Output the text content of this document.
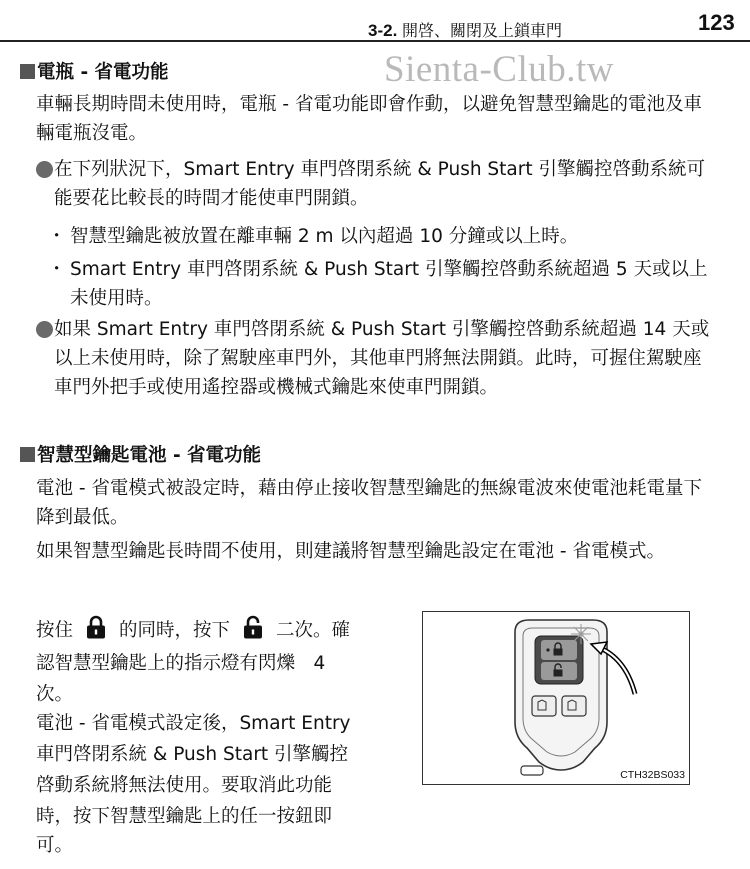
3-2. 開啓、關閉及上鎖車門	123
Sienta-Club.tw
電瓶 - 省電功能
車輛長期時間未使用時，電瓶 - 省電功能即會作動，以避免智慧型鑰匙的電池及車輛電瓶沒電。
在下列狀況下，Smart Entry 車門啓閉系統 & Push Start 引擎觸控啓動系統可能要花比較長的時間才能使車門開鎖。
･ 智慧型鑰匙被放置在離車輛 2 m 以內超過 10 分鐘或以上時。
･ Smart Entry 車門啓閉系統 & Push Start 引擎觸控啓動系統超過 5 天或以上未使用時。
如果 Smart Entry 車門啓閉系統 & Push Start 引擎觸控啓動系統超過 14 天或以上未使用時，除了駕駛座車門外，其他車門將無法開鎖。此時，可握住駕駛座車門外把手或使用遙控器或機械式鑰匙來使車門開鎖。
智慧型鑰匙電池 - 省電功能
電池 - 省電模式被設定時，藉由停止接收智慧型鑰匙的無線電波來使電池耗電量下降到最低。
如果智慧型鑰匙長時間不使用，則建議將智慧型鑰匙設定在電池 - 省電模式。
按住 的同時，按下 二次。確
認智慧型鑰匙上的指示燈有閃爍　4
次。
電池 - 省電模式設定後，Smart Entry
車門啓閉系統 & Push Start 引擎觸控
啓動系統將無法使用。要取消此功能
時，按下智慧型鑰匙上的任一按鈕即
可。
CTH32BS033
